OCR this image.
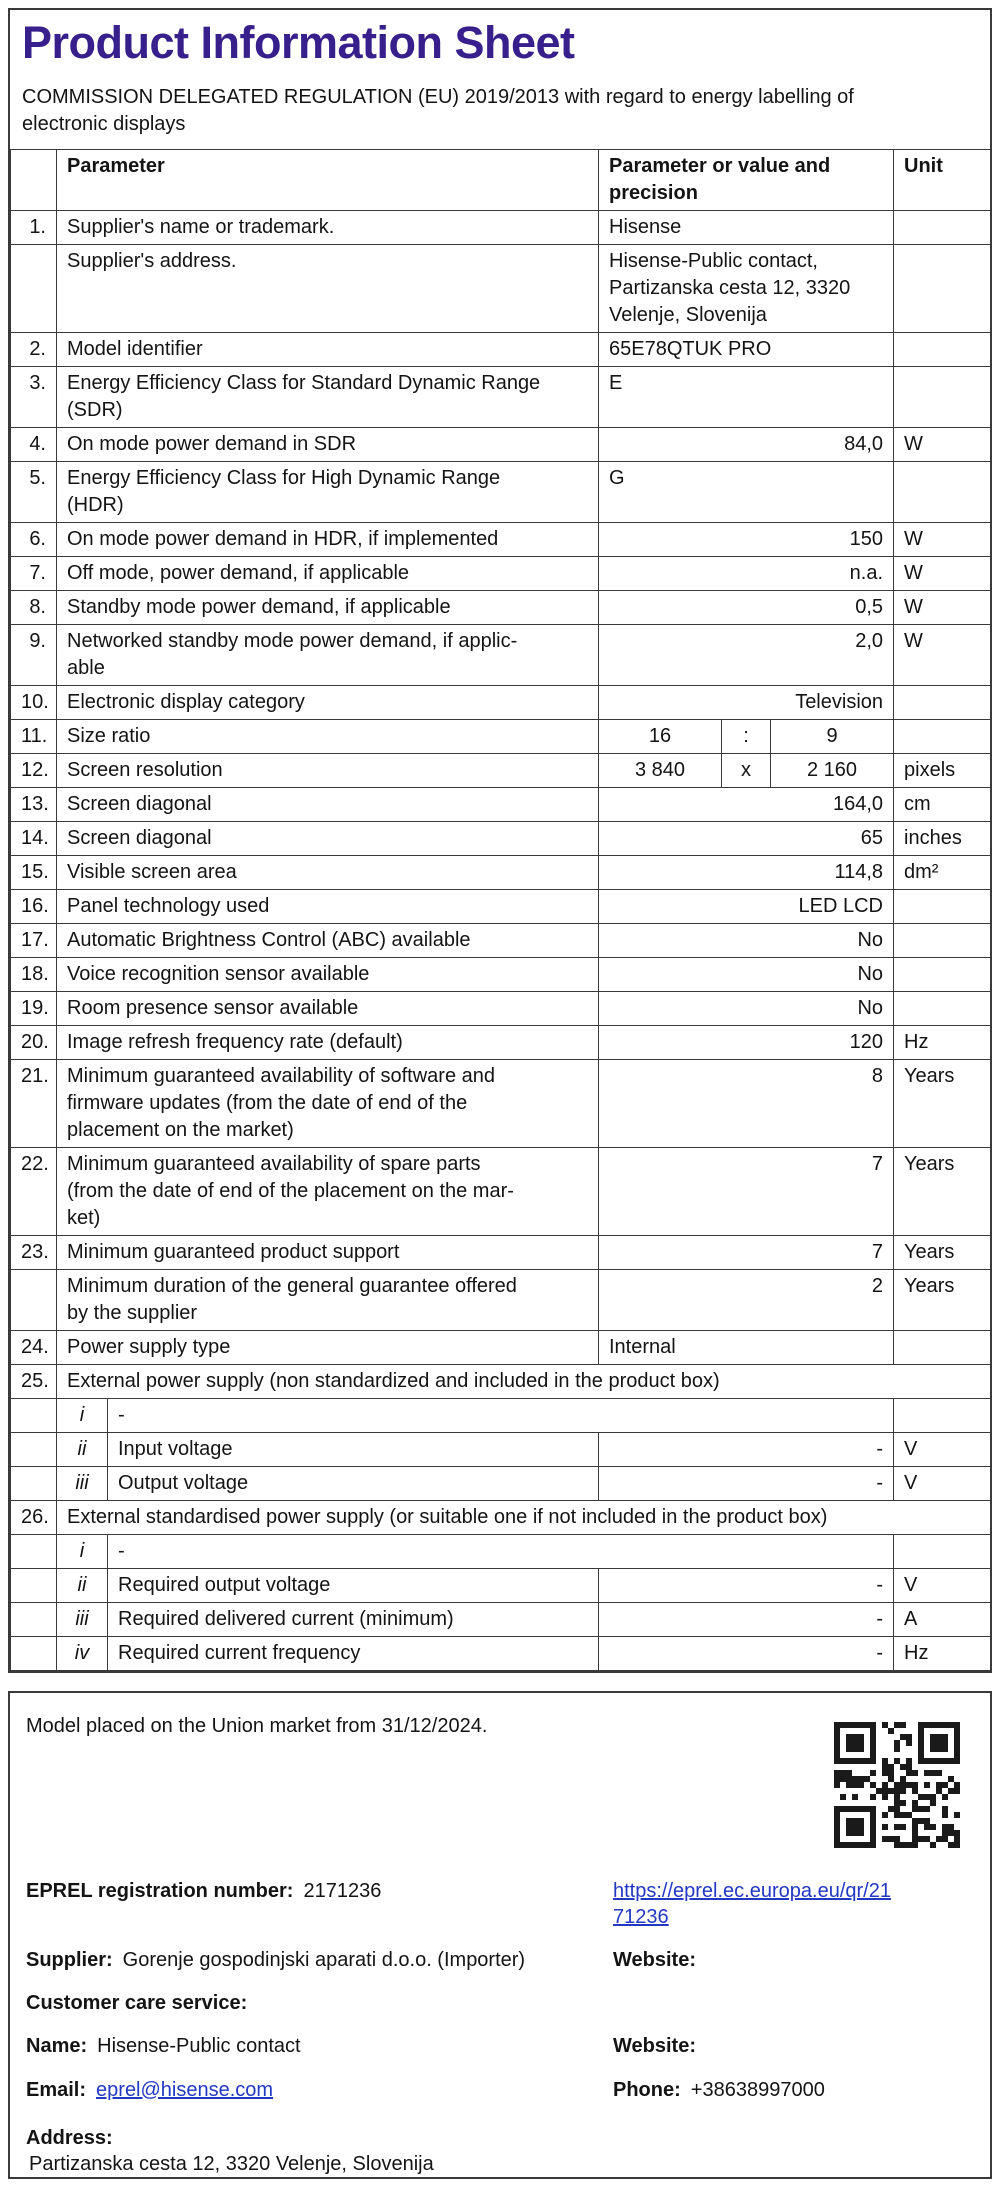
Product Information Sheet
COMMISSION DELEGATED REGULATION (EU) 2019/2013 with regard to energy labelling of
electronic displays
	Parameter		Parameter or value and
precision			Unit
1.	Supplier's name or trademark.		Hisense			
	Supplier's address.		Hisense-Public contact,
Partizanska cesta 12, 3320
Velenje, Slovenija			
2.	Model identifier		65E78QTUK PRO			
3.	Energy Efficiency Class for Standard Dynamic Range
(SDR)		E			
4.	On mode power demand in SDR		84,0			W
5.	Energy Efficiency Class for High Dynamic Range
(HDR)		G			
6.	On mode power demand in HDR, if implemented		150			W
7.	Off mode, power demand, if applicable		n.a.			W
8.	Standby mode power demand, if applicable		0,5			W
9.	Networked standby mode power demand, if applic-
able		2,0			W
10.	Electronic display category		Television			
11.	Size ratio		16	:	9	
12.	Screen resolution		3 840	x	2 160	pixels
13.	Screen diagonal		164,0			cm
14.	Screen diagonal		65			inches
15.	Visible screen area		114,8			dm²
16.	Panel technology used		LED LCD			
17.	Automatic Brightness Control (ABC) available		No			
18.	Voice recognition sensor available		No			
19.	Room presence sensor available		No			
20.	Image refresh frequency rate (default)		120			Hz
21.	Minimum guaranteed availability of software and
firmware updates (from the date of end of the
placement on the market)		8			Years
22.	Minimum guaranteed availability of spare parts
(from the date of end of the placement on the mar-
ket)		7			Years
23.	Minimum guaranteed product support		7			Years
	Minimum duration of the general guarantee offered
by the supplier		2			Years
24.	Power supply type		Internal			
25.	External power supply (non standardized and included in the product box)					
	i	-				
	ii	Input voltage	-			V
	iii	Output voltage	-			V
26.	External standardised power supply (or suitable one if not included in the product box)					
	i	-				
	ii	Required output voltage	-			V
	iii	Required delivered current (minimum)	-			A
	iv	Required current frequency	-			Hz
Model placed on the Union market from 31/12/2024.
EPREL registration number: 2171236	https://eprel.ec.europa.eu/qr/21
71236
Supplier: Gorenje gospodinjski aparati d.o.o. (Importer)	Website:
Customer care service:
Name: Hisense-Public contact	Website:
Email: eprel@hisense.com	Phone: +38638997000
Address:
Partizanska cesta 12, 3320 Velenje, Slovenija
